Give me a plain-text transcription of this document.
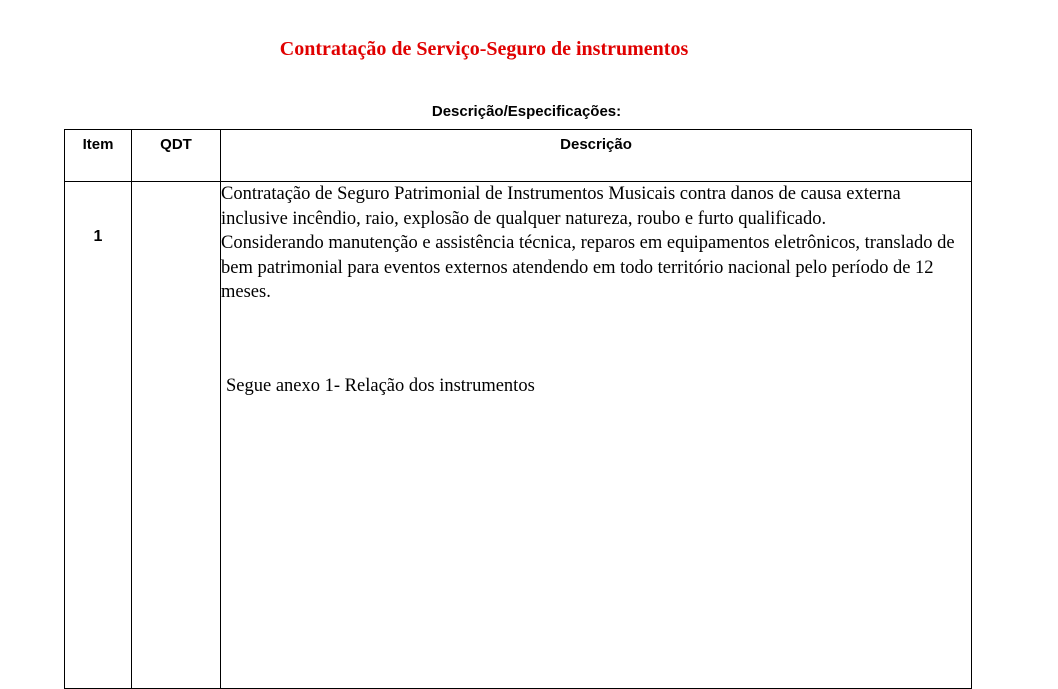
Contratação de Serviço-Seguro de instrumentos
Descrição/Especificações:
Item	QDT	Descrição
1

Contratação de Seguro Patrimonial de Instrumentos Musicais contra danos de causa externa inclusive incêndio, raio, explosão de qualquer natureza, roubo e furto qualificado.

Considerando manutenção e assistência técnica, reparos em equipamentos eletrônicos, translado de bem patrimonial para eventos externos atendendo em todo território nacional pelo período de 12 meses.

Segue anexo 1- Relação dos instrumentos
